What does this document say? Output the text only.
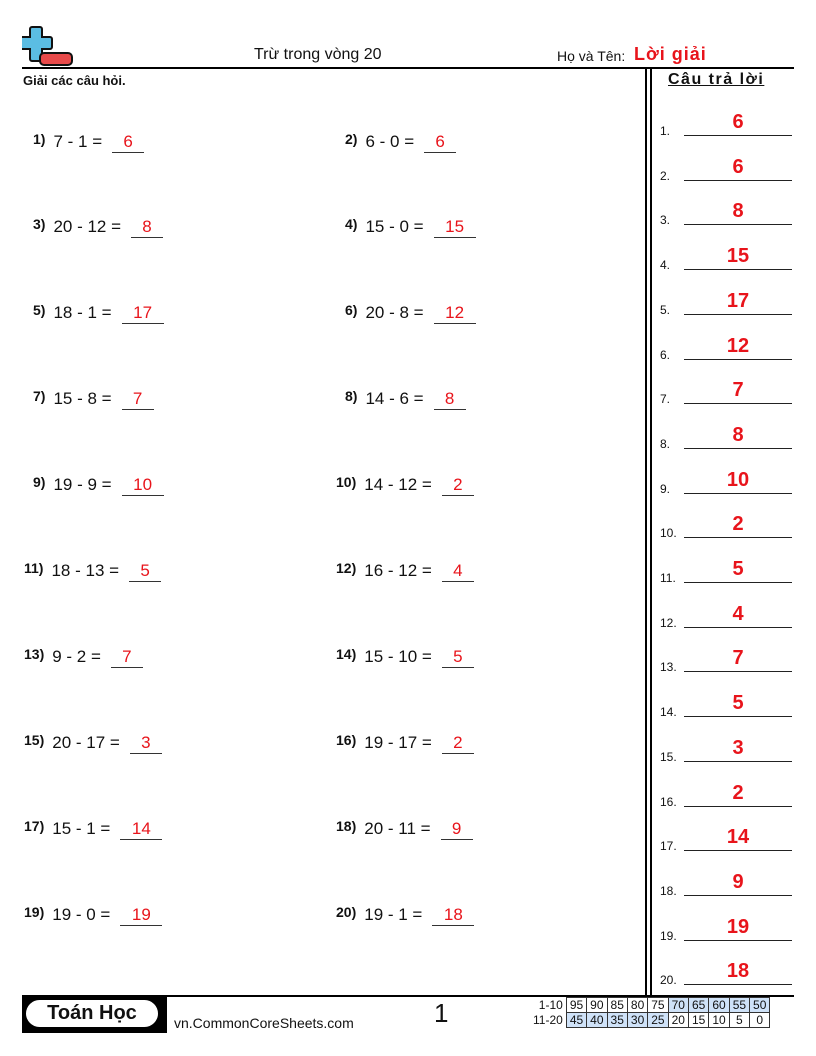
Trừ trong vòng 20	Họ và Tên: Lời giải
Giải các câu hỏi.	Câu trả lời
1) 7 - 1 = 6	2) 6 - 0 = 6
3) 20 - 12 = 8	4) 15 - 0 = 15
5) 18 - 1 = 17	6) 20 - 8 = 12
7) 15 - 8 = 7	8) 14 - 6 = 8
9) 19 - 9 = 10	10) 14 - 12 = 2
11) 18 - 13 = 5	12) 16 - 12 = 4
13) 9 - 2 = 7	14) 15 - 10 = 5
15) 20 - 17 = 3	16) 19 - 17 = 2
17) 15 - 1 = 14	18) 20 - 11 = 9
19) 19 - 0 = 19	20) 19 - 1 = 18
1.	6
2.	6
3.	8
4.	15
5.	17
6.	12
7.	7
8.	8
9.	10
10.	2
11.	5
12.	4
13.	7
14.	5
15.	3
16.	2
17.	14
18.	9
19.	19
20.	18
Toán Học	vn.CommonCoreSheets.com	1	1-10	95	90	85	80	75	70	65	60	55	50
11-20	45	40	35	30	25	20	15	10	5	0
